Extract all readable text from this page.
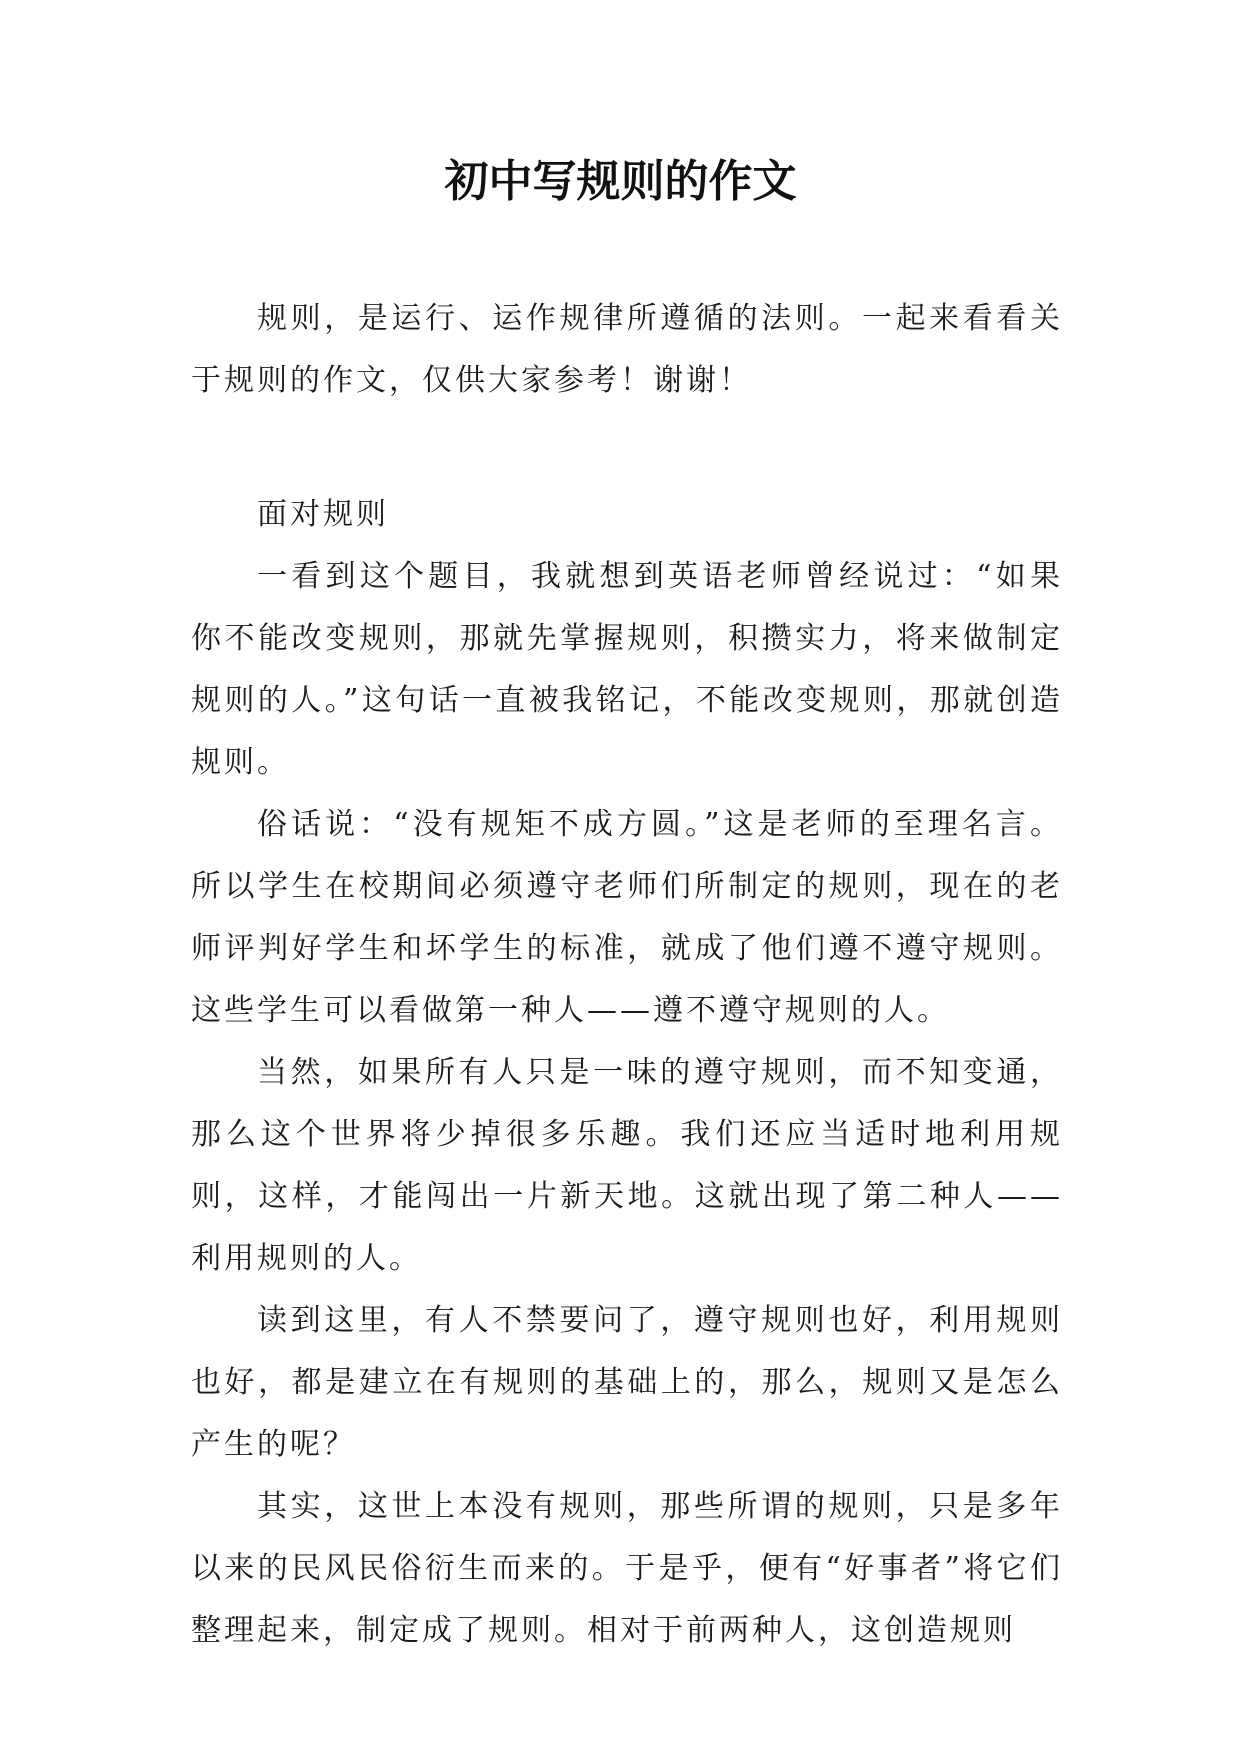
初中写规则的作文

规则，是运行、运作规律所遵循的法则。一起来看看关于规则的作文，仅供大家参考！谢谢！

面对规则

一看到这个题目，我就想到英语老师曾经说过：“如果你不能改变规则，那就先掌握规则，积攒实力，将来做制定规则的人。”这句话一直被我铭记，不能改变规则，那就创造规则。

俗话说：“没有规矩不成方圆。”这是老师的至理名言。所以学生在校期间必须遵守老师们所制定的规则，现在的老师评判好学生和坏学生的标准，就成了他们遵不遵守规则。这些学生可以看做第一种人——遵不遵守规则的人。

当然，如果所有人只是一味的遵守规则，而不知变通，那么这个世界将少掉很多乐趣。我们还应当适时地利用规则，这样，才能闯出一片新天地。这就出现了第二种人——利用规则的人。

读到这里，有人不禁要问了，遵守规则也好，利用规则也好，都是建立在有规则的基础上的，那么，规则又是怎么产生的呢？

其实，这世上本没有规则，那些所谓的规则，只是多年以来的民风民俗衍生而来的。于是乎，便有“好事者”将它们整理起来，制定成了规则。相对于前两种人，这创造规则
